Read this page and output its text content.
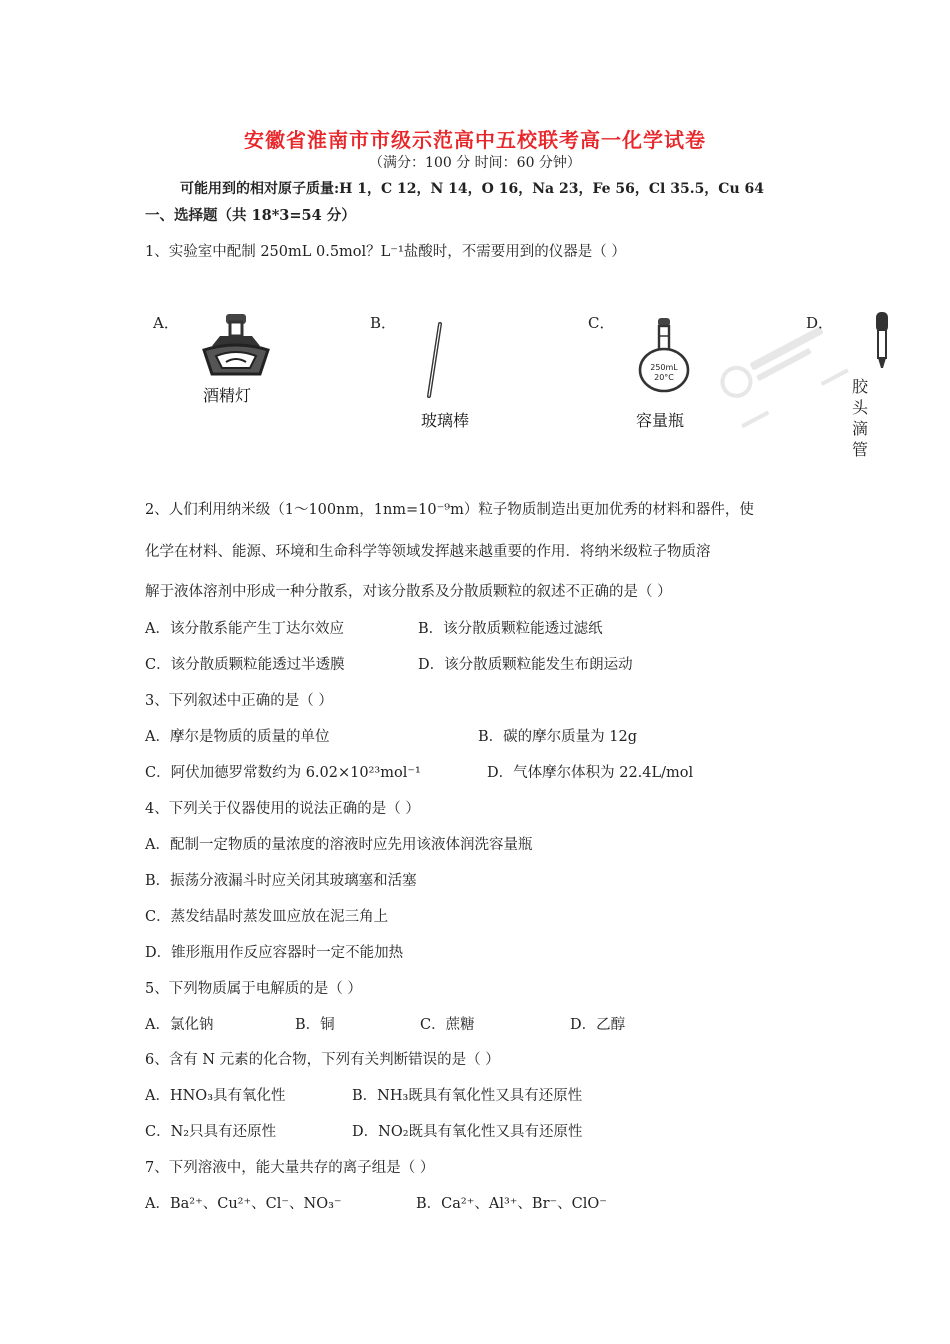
安徽省淮南市市级示范高中五校联考高一化学试卷
（满分：100 分 时间：60 分钟）
可能用到的相对原子质量:H 1，C 12，N 14，O 16，Na 23，Fe 56，Cl 35.5，Cu 64
一、选择题（共 18*3=54 分）
1、实验室中配制 250mL 0.5mol？L⁻¹盐酸时，不需要用到的仪器是（ ）
A．
酒精灯
B．
玻璃棒
C．
250mL
20°C
容量瓶
D．
胶
头
滴
管
2、人们利用纳米级（1～100nm，1nm=10⁻⁹m）粒子物质制造出更加优秀的材料和器件，使
化学在材料、能源、环境和生命科学等领域发挥越来越重要的作用．将纳米级粒子物质溶
解于液体溶剂中形成一种分散系，对该分散系及分散质颗粒的叙述不正确的是（ ）
A．该分散系能产生丁达尔效应	B．该分散质颗粒能透过滤纸
C．该分散质颗粒能透过半透膜	D．该分散质颗粒能发生布朗运动
3、下列叙述中正确的是（ ）
A．摩尔是物质的质量的单位	B．碳的摩尔质量为 12g
C．阿伏加德罗常数约为 6.02×10²³mol⁻¹	D．气体摩尔体积为 22.4L/mol
4、下列关于仪器使用的说法正确的是（ ）
A．配制一定物质的量浓度的溶液时应先用该液体润洗容量瓶
B．振荡分液漏斗时应关闭其玻璃塞和活塞
C．蒸发结晶时蒸发皿应放在泥三角上
D．锥形瓶用作反应容器时一定不能加热
5、下列物质属于电解质的是（ ）
A．氯化钠	B．铜	C．蔗糖	D．乙醇
6、含有 N 元素的化合物，下列有关判断错误的是（ ）
A．HNO₃具有氧化性	B．NH₃既具有氧化性又具有还原性
C．N₂只具有还原性	D．NO₂既具有氧化性又具有还原性
7、下列溶液中，能大量共存的离子组是（ ）
A．Ba²⁺、Cu²⁺、Cl⁻、NO₃⁻	B．Ca²⁺、Al³⁺、Br⁻、ClO⁻
